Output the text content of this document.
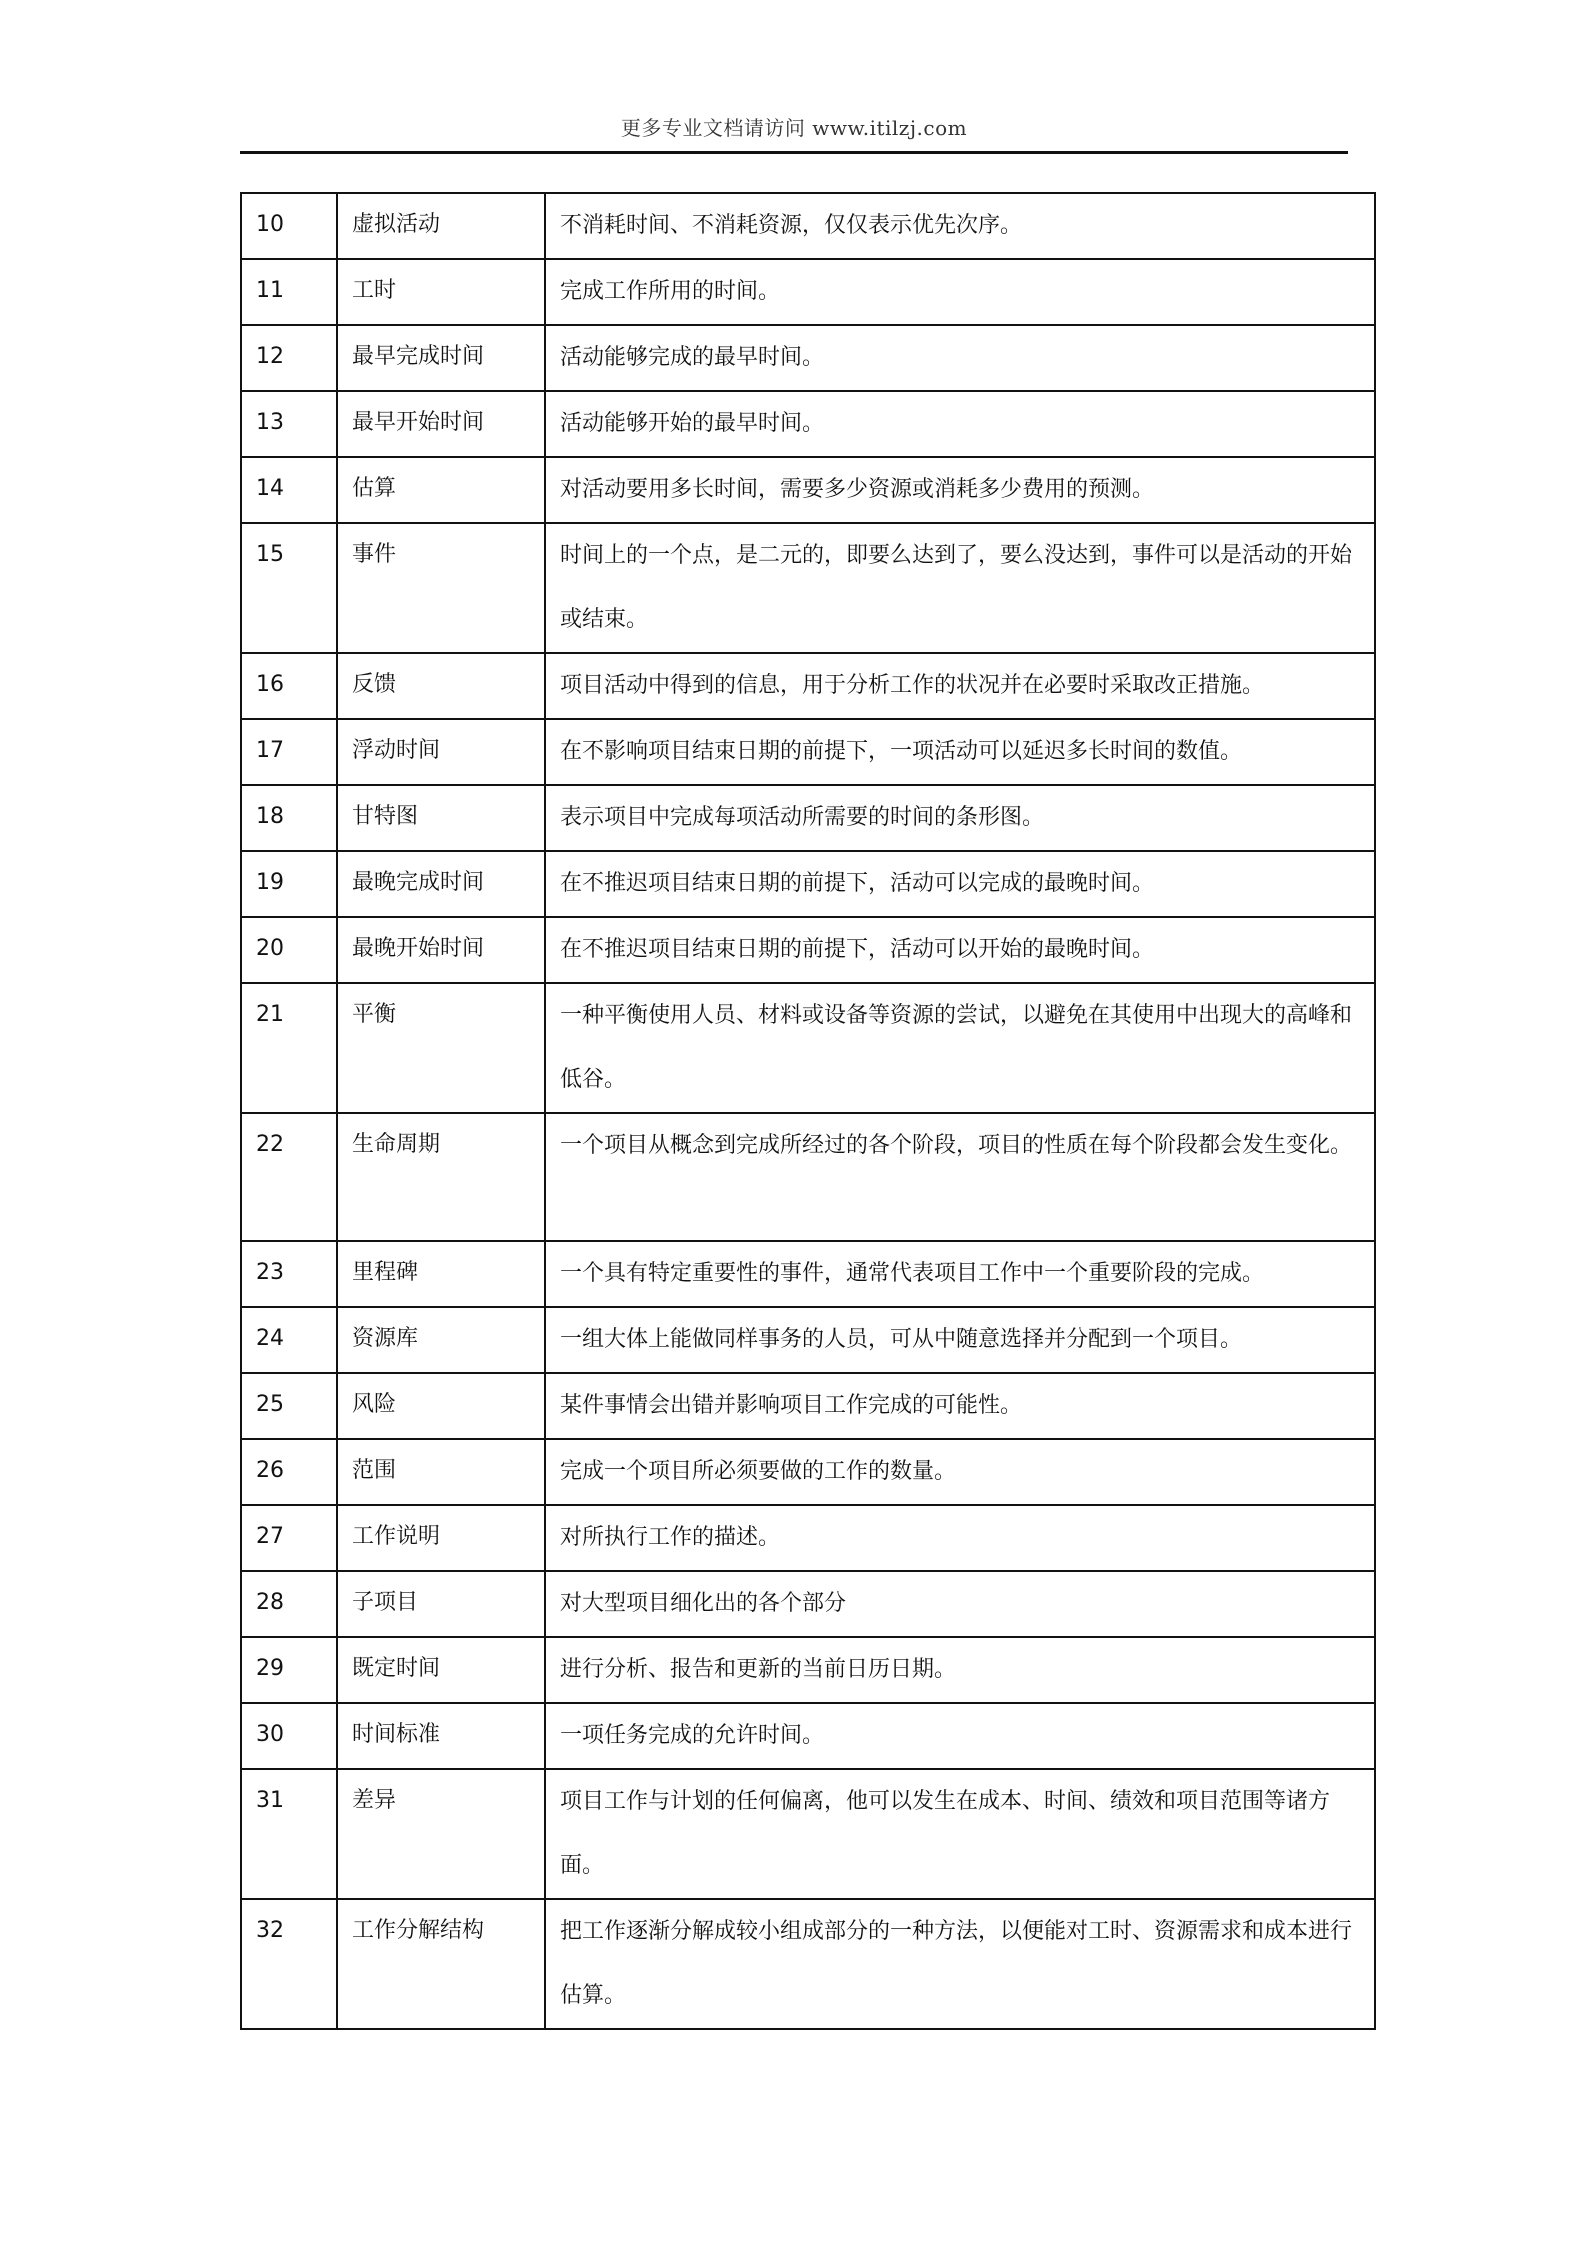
更多专业文档请访问 www.itilzj.com
10	虚拟活动	不消耗时间、不消耗资源，仅仅表示优先次序。
11	工时	完成工作所用的时间。
12	最早完成时间	活动能够完成的最早时间。
13	最早开始时间	活动能够开始的最早时间。
14	估算	对活动要用多长时间，需要多少资源或消耗多少费用的预测。
15	事件	时间上的一个点，是二元的，即要么达到了，要么没达到，事件可以是活动的开始或结束。
16	反馈	项目活动中得到的信息，用于分析工作的状况并在必要时采取改正措施。
17	浮动时间	在不影响项目结束日期的前提下，一项活动可以延迟多长时间的数值。
18	甘特图	表示项目中完成每项活动所需要的时间的条形图。
19	最晚完成时间	在不推迟项目结束日期的前提下，活动可以完成的最晚时间。
20	最晚开始时间	在不推迟项目结束日期的前提下，活动可以开始的最晚时间。
21	平衡	一种平衡使用人员、材料或设备等资源的尝试，以避免在其使用中出现大的高峰和低谷。
22	生命周期	一个项目从概念到完成所经过的各个阶段，项目的性质在每个阶段都会发生变化。
23	里程碑	一个具有特定重要性的事件，通常代表项目工作中一个重要阶段的完成。
24	资源库	一组大体上能做同样事务的人员，可从中随意选择并分配到一个项目。
25	风险	某件事情会出错并影响项目工作完成的可能性。
26	范围	完成一个项目所必须要做的工作的数量。
27	工作说明	对所执行工作的描述。
28	子项目	对大型项目细化出的各个部分
29	既定时间	进行分析、报告和更新的当前日历日期。
30	时间标准	一项任务完成的允许时间。
31	差异	项目工作与计划的任何偏离，他可以发生在成本、时间、绩效和项目范围等诸方面。
32	工作分解结构	把工作逐渐分解成较小组成部分的一种方法，以便能对工时、资源需求和成本进行估算。
